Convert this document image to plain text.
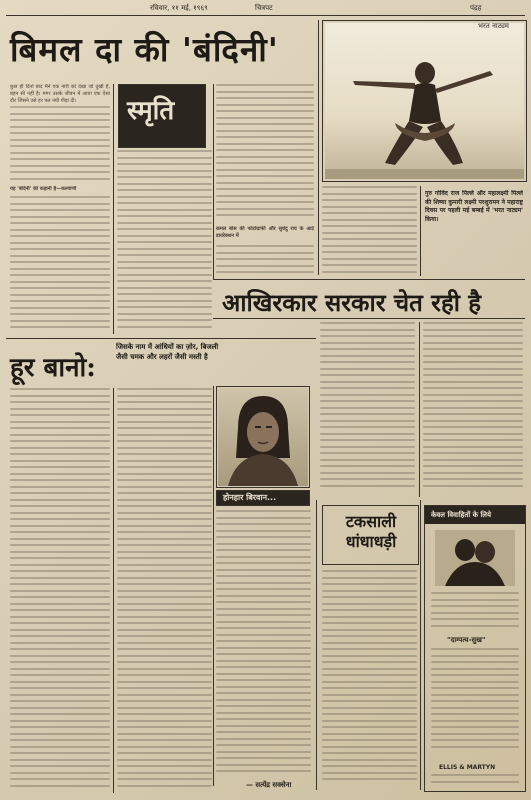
रविवार, ११ मई, १९६९	चित्रपट	पंद्रह
बिमल दा की 'बंदिनी'
स्मृति
कुछ ही दिनों बाद मैंने एक नारी को देखा जो दुखी है, बहन सी नहीं है। मगर उसके जीवन में आया एक ऐसा दौर जिसने उसे हर पल नयी पीड़ा दी।
यह 'बंदिनी' की कहानी है—कल्याणी
कमल बोस की फोटोग्राफी और सुधेंदु राय के आर्ट डायरेक्शन में
भरत नाट्यम
गुरु गोविंद राज पिल्ले और महालक्ष्मी पिल्ले की शिष्या कुमारी लक्ष्मी परशुरामन ने महाराष्ट्र दिवस पर पहली मई बम्बई में 'भरत नाट्यम' किया।
आखिरकार सरकार चेत रही है
हूर बानो:
जिसके नाम में आंधियों का ज़ोर, बिजली जैसी चमक और लहरों जैसी मस्ती है
होनहार बिरवान...
— सत्येंद्र सक्सेना
टकसाली धांधाधड़ी
केवल विवाहितों के लिये
"दाम्पत्य-सुख"
ELLIS & MARTYN
